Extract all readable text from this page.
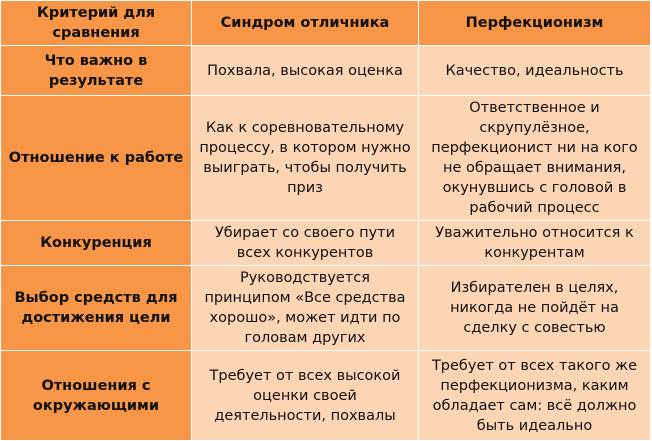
Критерий для сравнения	Синдром отличника	Перфекционизм
Что важно в результате	Похвала, высокая оценка	Качество, идеальность
Отношение к работе	Как к соревновательному процессу, в котором нужно выиграть, чтобы получить приз	Ответственное и скрупулёзное, перфекционист ни на кого не обращает внимания, окунувшись с головой в рабочий процесс
Конкуренция	Убирает со своего пути всех конкурентов	Уважительно относится к конкурентам
Выбор средств для достижения цели	Руководствуется принципом «Все средства хорошо», может идти по головам других	Избирателен в целях, никогда не пойдёт на сделку с совестью
Отношения с окружающими	Требует от всех высокой оценки своей деятельности, похвалы	Требует от всех такого же перфекционизма, каким обладает сам: всё должно быть идеально
